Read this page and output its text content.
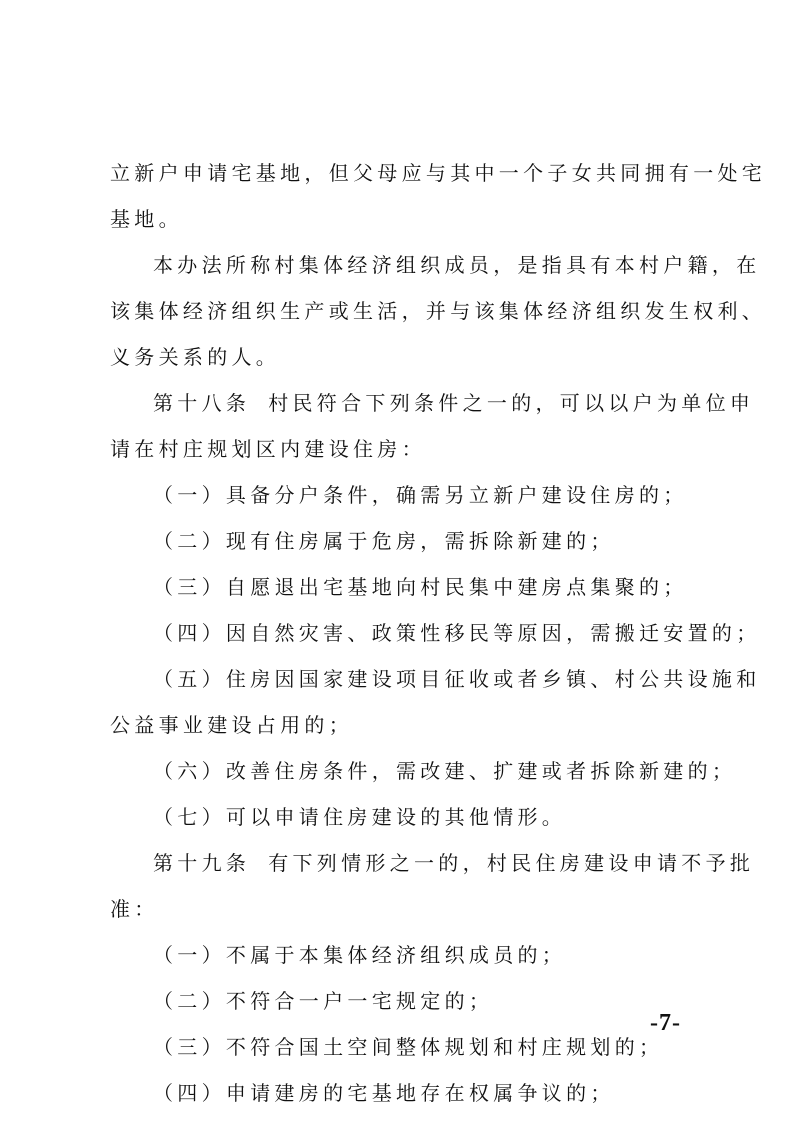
立新户申请宅基地，但父母应与其中一个子女共同拥有一处宅
基地。
本办法所称村集体经济组织成员，是指具有本村户籍，在
该集体经济组织生产或生活，并与该集体经济组织发生权利、
义务关系的人。
第十八条 村民符合下列条件之一的，可以以户为单位申
请在村庄规划区内建设住房：
（一）具备分户条件，确需另立新户建设住房的；
（二）现有住房属于危房，需拆除新建的；
（三）自愿退出宅基地向村民集中建房点集聚的；
（四）因自然灾害、政策性移民等原因，需搬迁安置的；
（五）住房因国家建设项目征收或者乡镇、村公共设施和
公益事业建设占用的；
（六）改善住房条件，需改建、扩建或者拆除新建的；
（七）可以申请住房建设的其他情形。
第十九条 有下列情形之一的，村民住房建设申请不予批
准：
（一）不属于本集体经济组织成员的；
（二）不符合一户一宅规定的；
（三）不符合国土空间整体规划和村庄规划的；
（四）申请建房的宅基地存在权属争议的；
-7-
